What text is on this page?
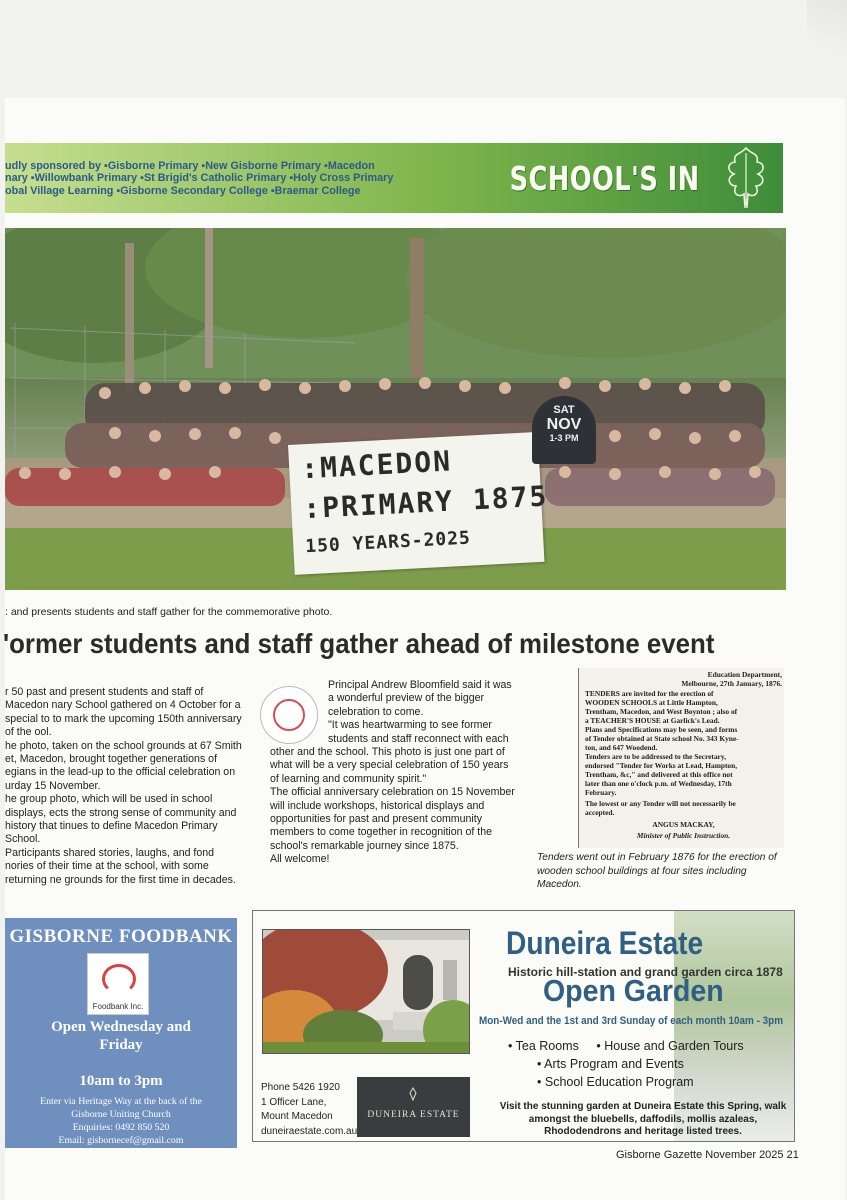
udly sponsored by ▪Gisborne Primary ▪New Gisborne Primary ▪Macedon
nary ▪Willowbank Primary ▪St Brigid's Catholic Primary ▪Holy Cross Primary
obal Village Learning ▪Gisborne Secondary College ▪Braemar College	SCHOOL'S IN
:MACEDON
:PRIMARY 1875
150 YEARS-2025
SAT
NOV
1-3 PM
: and presents students and staff gather for the commemorative photo.
'ormer students and staff gather ahead of milestone event

r 50 past and present students and staff of Macedon nary School gathered on 4 October for a special to to mark the upcoming 150th anniversary of the ool.

he photo, taken on the school grounds at 67 Smith et, Macedon, brought together generations of egians in the lead-up to the official celebration on urday 15 November.

he group photo, which will be used in school displays, ects the strong sense of community and history that tinues to define Macedon Primary School.

Participants shared stories, laughs, and fond nories of their time at the school, with some returning ne grounds for the first time in decades.

Principal Andrew Bloomfield said it was a wonderful preview of the bigger celebration to come.

"It was heartwarming to see former students and staff reconnect with each

other and the school. This photo is just one part of what will be a very special celebration of 150 years of learning and community spirit."

The official anniversary celebration on 15 November will include workshops, historical displays and opportunities for past and present community members to come together in recognition of the school's remarkable journey since 1875.

All welcome!

Education Department,
Melbourne, 27th January, 1876.
TENDERS are invited for the erection of
WOODEN SCHOOLS at Little Hampton,
Trentham, Macedon, and West Boynton ; also of
a TEACHER'S HOUSE at Garlick's Lead.
Plans and Specifications may be seen, and forms
of Tender obtained at State school No. 343 Kyne-
ton, and 647 Woodend.
Tenders are to be addressed to the Secretary,
endorsed "Tender for Works at Lead, Hampton,
Trentham, &c," and delivered at this office not
later than one o'clock p.m. of Wednesday, 17th
February.
The lowest or any Tender will not necessarily be
accepted.
ANGUS MACKAY,
Minister of Public Instruction.
Tenders went out in February 1876 for the erection of wooden school buildings at four sites including Macedon.
GISBORNE FOODBANK
Foodbank Inc.
Open Wednesday and
Friday
10am to 3pm
Enter via Heritage Way at the back of the
Gisborne Uniting Church
Enquiries: 0492 850 520
Email: gisbornecef@gmail.com
Duneira Estate
Historic hill-station and grand garden circa 1878
Open Garden
Mon-Wed and the 1st and 3rd Sunday of each month 10am - 3pm
• Tea Rooms • House and Garden Tours
• Arts Program and Events
• School Education Program
Visit the stunning garden at Duneira Estate this Spring, walk amongst the bluebells, daffodils, mollis azaleas, Rhododendrons and heritage listed trees.
Phone 5426 1920
1 Officer Lane,
Mount Macedon
duneiraestate.com.au
DUNEIRA ESTATE
Gisborne Gazette November 2025 21
